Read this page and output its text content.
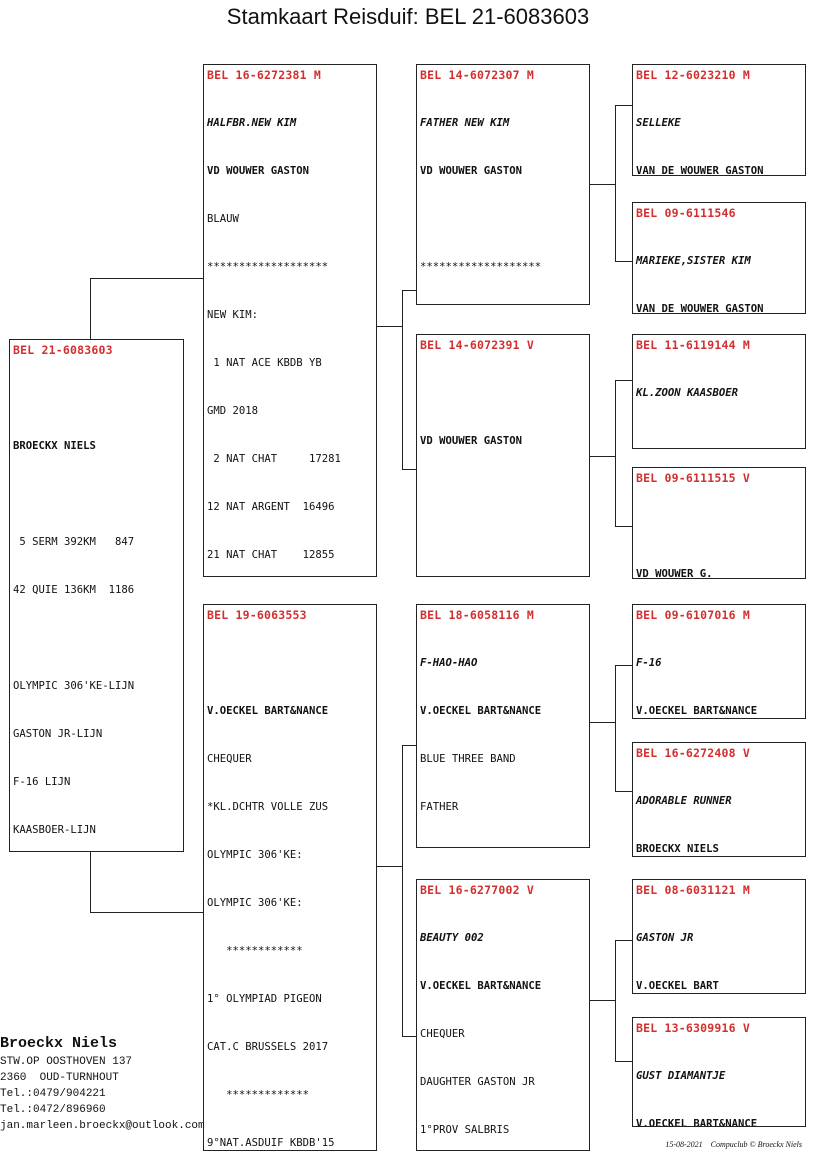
Stamkaart Reisduif: BEL 21-6083603
BEL 21-6083603

BROECKX NIELS

5 SERM 392KM   847

42 QUIE 136KM  1186

OLYMPIC 306'KE-LIJN

GASTON JR-LIJN

F-16 LIJN

KAASBOER-LIJN

BEL 16-6272381 M

HALFBR.NEW KIM

VD WOUWER GASTON

BLAUW

*******************

NEW KIM:

1 NAT ACE KBDB YB

GMD 2018

2 NAT CHAT     17281

12 NAT ARGENT  16496

21 NAT CHAT    12855

BEL 19-6063553

V.OECKEL BART&NANCE

CHEQUER

*KL.DCHTR VOLLE ZUS

OLYMPIC 306'KE:

OLYMPIC 306'KE:

************

1° OLYMPIAD PIGEON

CAT.C BRUSSELS 2017

*************

9°NAT.ASDUIF KBDB'15

BEL 14-6072307 M

FATHER NEW KIM

VD WOUWER GASTON

*******************

BEL 14-6072391 V

VD WOUWER GASTON

BEL 18-6058116 M

F-HAO-HAO

V.OECKEL BART&NANCE

BLUE THREE BAND

FATHER

BEL 16-6277002 V

BEAUTY 002

V.OECKEL BART&NANCE

CHEQUER

DAUGHTER GASTON JR

1°PROV SALBRIS

BEL 12-6023210 M

SELLEKE

VAN DE WOUWER GASTON

BEL 09-6111546

MARIEKE,SISTER KIM

VAN DE WOUWER GASTON

BEL 11-6119144 M

KL.ZOON KAASBOER

BEL 09-6111515 V

VD WOUWER G.

BEL 09-6107016 M

F-16

V.OECKEL BART&NANCE

BEL 16-6272408 V

ADORABLE RUNNER

BROECKX NIELS

BEL 08-6031121 M

GASTON JR

V.OECKEL BART

BEL 13-6309916 V

GUST DIAMANTJE

V.OECKEL BART&NANCE

Broeckx Niels
STW.OP OOSTHOVEN 137
2360  OUD-TURNHOUT
Tel.:0479/904221
Tel.:0472/896960
jan.marleen.broeckx@outlook.com
15-08-2021 Compuclub © Broeckx Niels
